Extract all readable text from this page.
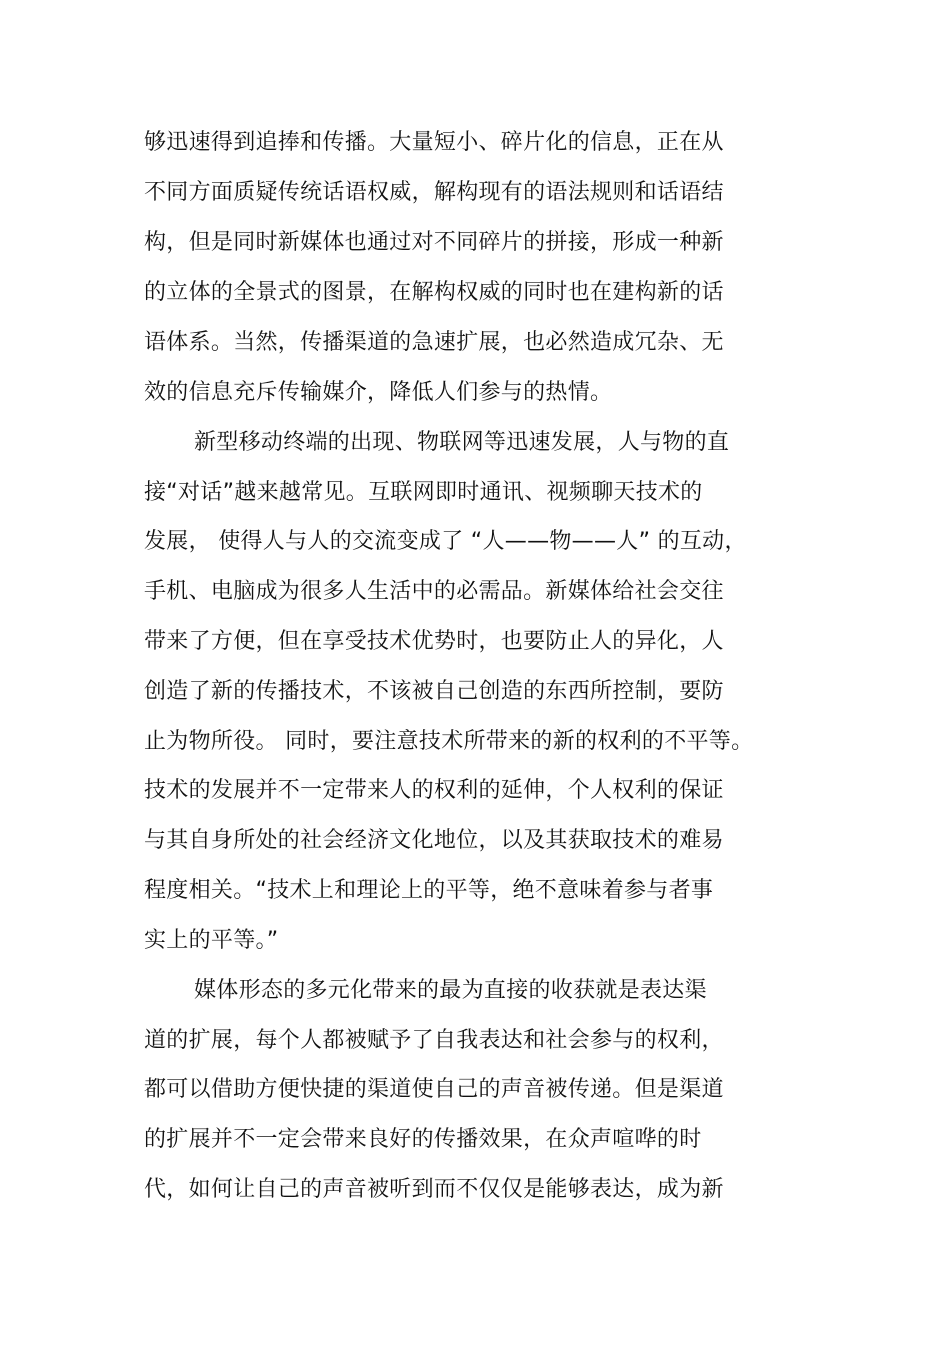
够迅速得到追捧和传播。大量短小、碎片化的信息，正在从
不同方面质疑传统话语权威，解构现有的语法规则和话语结
构，但是同时新媒体也通过对不同碎片的拼接，形成一种新
的立体的全景式的图景，在解构权威的同时也在建构新的话
语体系。当然，传播渠道的急速扩展，也必然造成冗杂、无
效的信息充斥传输媒介，降低人们参与的热情。
新型移动终端的出现、物联网等迅速发展，人与物的直
接“对话”越来越常见。互联网即时通讯、视频聊天技术的
发展， 使得人与人的交流变成了 “人——物——人” 的互动，
手机、电脑成为很多人生活中的必需品。新媒体给社会交往
带来了方便，但在享受技术优势时，也要防止人的异化，人
创造了新的传播技术，不该被自己创造的东西所控制，要防
止为物所役。 同时，要注意技术所带来的新的权利的不平等。
技术的发展并不一定带来人的权利的延伸，个人权利的保证
与其自身所处的社会经济文化地位，以及其获取技术的难易
程度相关。“技术上和理论上的平等，绝不意味着参与者事
实上的平等。”
媒体形态的多元化带来的最为直接的收获就是表达渠
道的扩展，每个人都被赋予了自我表达和社会参与的权利，
都可以借助方便快捷的渠道使自己的声音被传递。但是渠道
的扩展并不一定会带来良好的传播效果，在众声喧哗的时
代，如何让自己的声音被听到而不仅仅是能够表达，成为新
